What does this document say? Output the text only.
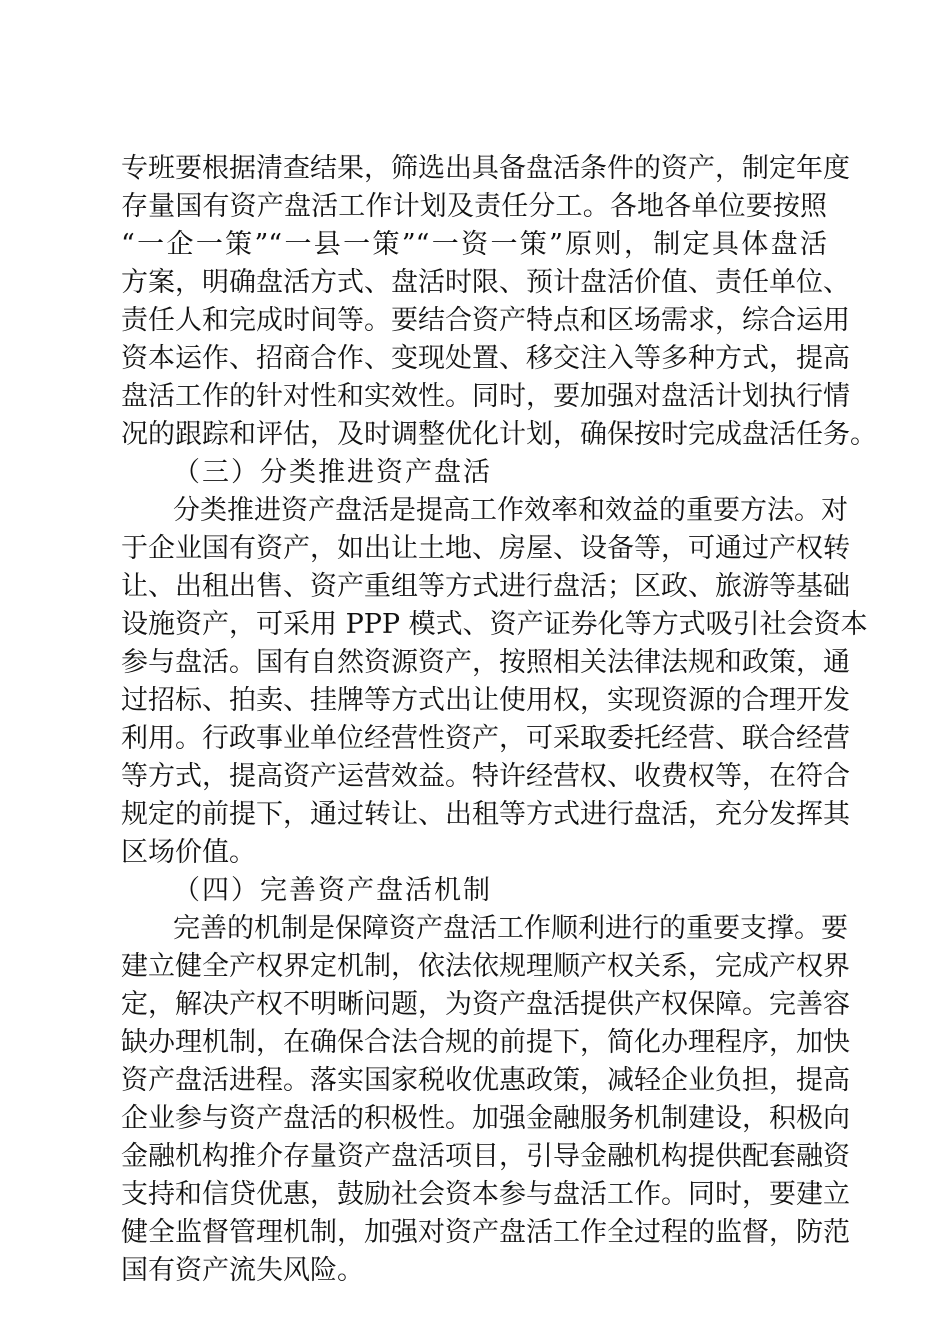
专班要根据清查结果，筛选出具备盘活条件的资产，制定年度
存量国有资产盘活工作计划及责任分工。各地各单位要按照
“一企一策”“一县一策”“一资一策”原则，制定具体盘活
方案，明确盘活方式、盘活时限、预计盘活价值、责任单位、
责任人和完成时间等。要结合资产特点和区场需求，综合运用
资本运作、招商合作、变现处置、移交注入等多种方式，提高
盘活工作的针对性和实效性。同时，要加强对盘活计划执行情
况的跟踪和评估，及时调整优化计划，确保按时完成盘活任务。
（三）分类推进资产盘活
分类推进资产盘活是提高工作效率和效益的重要方法。对
于企业国有资产，如出让土地、房屋、设备等，可通过产权转
让、出租出售、资产重组等方式进行盘活；区政、旅游等基础
设施资产，可采用 PPP 模式、资产证券化等方式吸引社会资本
参与盘活。国有自然资源资产，按照相关法律法规和政策，通
过招标、拍卖、挂牌等方式出让使用权，实现资源的合理开发
利用。行政事业单位经营性资产，可采取委托经营、联合经营
等方式，提高资产运营效益。特许经营权、收费权等，在符合
规定的前提下，通过转让、出租等方式进行盘活，充分发挥其
区场价值。
（四）完善资产盘活机制
完善的机制是保障资产盘活工作顺利进行的重要支撑。要
建立健全产权界定机制，依法依规理顺产权关系，完成产权界
定，解决产权不明晰问题，为资产盘活提供产权保障。完善容
缺办理机制，在确保合法合规的前提下，简化办理程序，加快
资产盘活进程。落实国家税收优惠政策，减轻企业负担，提高
企业参与资产盘活的积极性。加强金融服务机制建设，积极向
金融机构推介存量资产盘活项目，引导金融机构提供配套融资
支持和信贷优惠，鼓励社会资本参与盘活工作。同时，要建立
健全监督管理机制，加强对资产盘活工作全过程的监督，防范
国有资产流失风险。
